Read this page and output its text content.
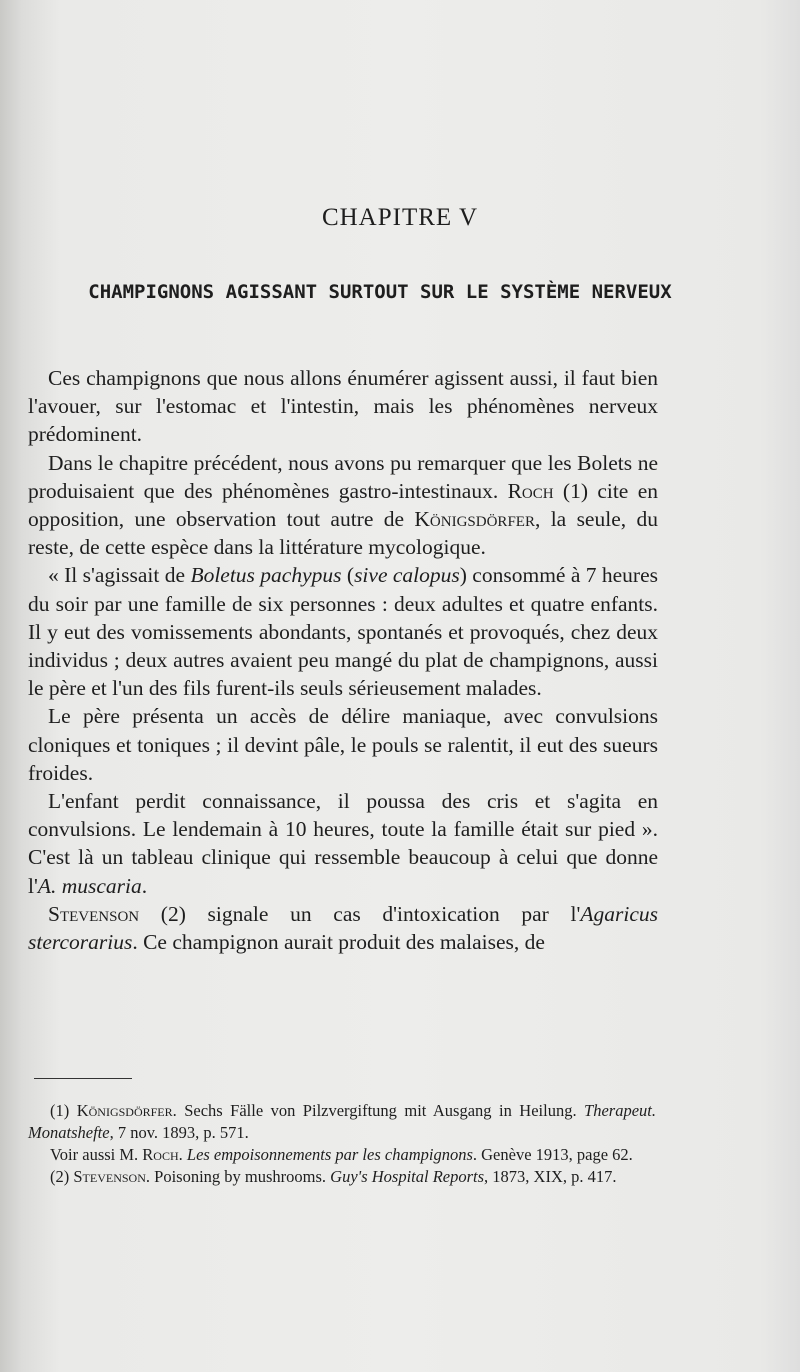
CHAPITRE V
CHAMPIGNONS AGISSANT SURTOUT SUR LE SYSTÈME NERVEUX

Ces champignons que nous allons énumérer agissent aussi, il faut bien l'avouer, sur l'estomac et l'intestin, mais les phénomènes nerveux prédominent.

Dans le chapitre précédent, nous avons pu remarquer que les Bolets ne produisaient que des phénomènes gastro-intestinaux. Roch (1) cite en opposition, une observation tout autre de Königsdörfer, la seule, du reste, de cette espèce dans la littérature mycologique.

« Il s'agissait de Boletus pachypus (sive calopus) consommé à 7 heures du soir par une famille de six personnes : deux adultes et quatre enfants. Il y eut des vomissements abondants, spontanés et provoqués, chez deux individus ; deux autres avaient peu mangé du plat de champignons, aussi le père et l'un des fils furent-ils seuls sérieusement malades.

Le père présenta un accès de délire maniaque, avec convulsions cloniques et toniques ; il devint pâle, le pouls se ralentit, il eut des sueurs froides.

L'enfant perdit connaissance, il poussa des cris et s'agita en convulsions. Le lendemain à 10 heures, toute la famille était sur pied ». C'est là un tableau clinique qui ressemble beaucoup à celui que donne l'A. muscaria.

Stevenson (2) signale un cas d'intoxication par l'Agaricus stercorarius. Ce champignon aurait produit des malaises, de

(1) Königsdörfer. Sechs Fälle von Pilzvergiftung mit Ausgang in Heilung. Therapeut. Monatshefte, 7 nov. 1893, p. 571.

Voir aussi M. Roch. Les empoisonnements par les champignons. Genève 1913, page 62.

(2) Stevenson. Poisoning by mushrooms. Guy's Hospital Reports, 1873, XIX, p. 417.
